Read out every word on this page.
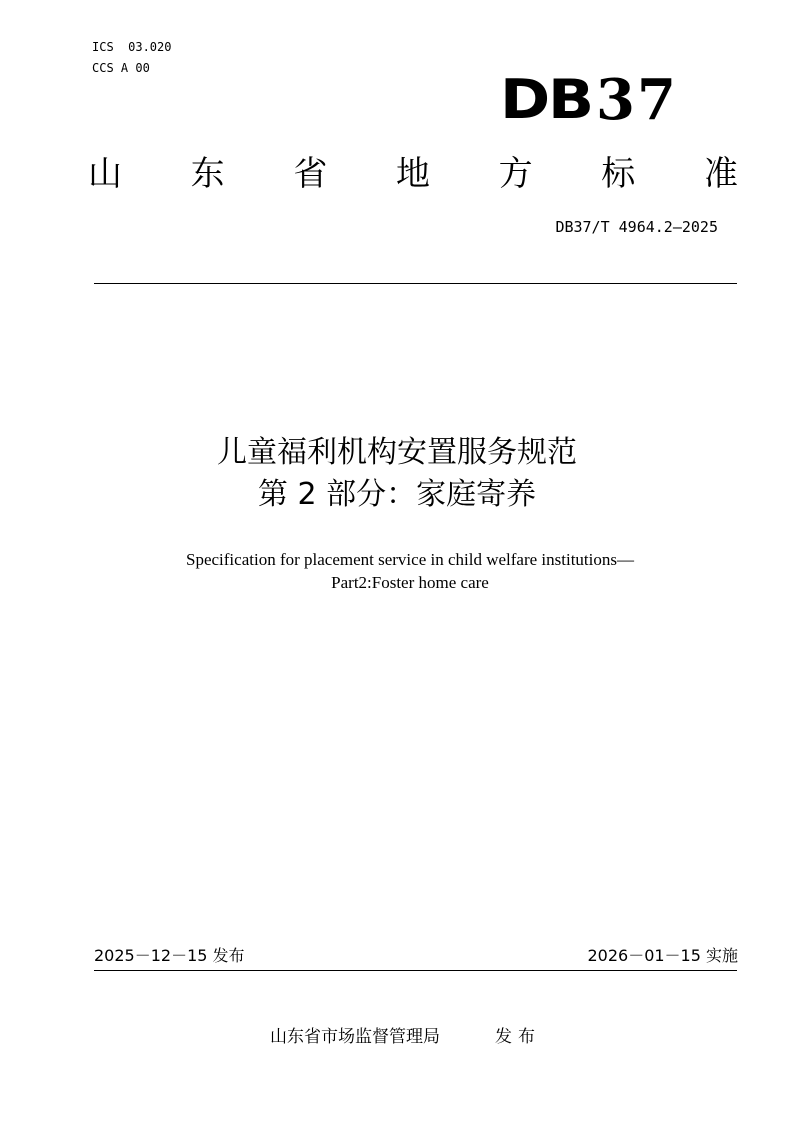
ICS  03.020
CCS A 00	DB 37
山 东 省 地 方 标 准
DB37/T 4964.2—2025
儿童福利机构安置服务规范
第 2 部分：家庭寄养
Specification for placement service in child welfare institutions—
Part2:Foster home care
2025－12－15 发布	2026－01－15 实施
山东省市场监督管理局	发布
